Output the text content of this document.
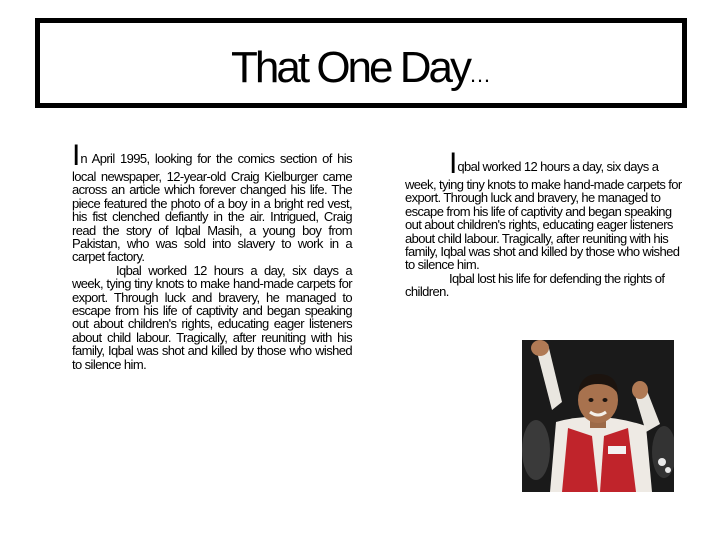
That One Day…

In April 1995, looking for the comics section of his local newspaper, 12-year-old Craig Kielburger came across an article which forever changed his life. The piece featured the photo of a boy in a bright red vest, his fist clenched defiantly in the air. Intrigued, Craig read the story of Iqbal Masih, a young boy from Pakistan, who was sold into slavery to work in a carpet factory.

Iqbal worked 12 hours a day, six days a week, tying tiny knots to make hand-made carpets for export. Through luck and bravery, he managed to escape from his life of captivity and began speaking out about children's rights, educating eager listeners about child labour. Tragically, after reuniting with his family, Iqbal was shot and killed by those who wished to silence him.

Iqbal worked 12 hours a day, six days a week, tying tiny knots to make hand-made carpets for export. Through luck and bravery, he managed to escape from his life of captivity and began speaking out about children's rights, educating eager listeners about child labour. Tragically, after reuniting with his family, Iqbal was shot and killed by those who wished to silence him.

Iqbal lost his life for defending the rights of children.
